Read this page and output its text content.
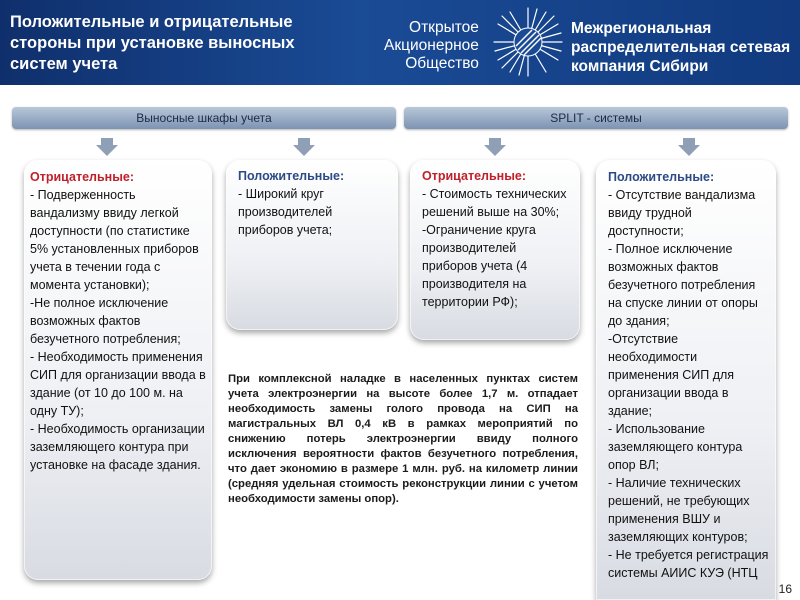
Положительные и отрицательные стороны при установке выносных систем учета
Открытое
Акционерное
Общество
Межрегиональная
распределительная сетевая
компания Сибири
Выносные шкафы учета	SPLIT - системы
Отрицательные:
- Подверженность вандализму ввиду легкой доступности (по статистике 5% установленных приборов учета в течении года с момента установки);
-Не полное исключение возможных фактов безучетного потребления;
- Необходимость применения СИП для организации ввода в здание (от 10 до 100 м. на одну ТУ);
- Необходимость организации заземляющего контура при установке на фасаде здания.
Положительные:
- Широкий круг производителей приборов учета;
Отрицательные:
- Стоимость технических решений выше на 30%;
-Ограничение круга производителей приборов учета (4 производителя на территории РФ);
Положительные:
- Отсутствие вандализма ввиду трудной доступности;
- Полное исключение возможных фактов безучетного потребления на спуске линии от опоры до здания;
-Отсутствие необходимости применения СИП для организации ввода в здание;
- Использование заземляющего контура опор ВЛ;
- Наличие технических решений, не требующих применения ВШУ и заземляющих контуров;
- Не требуется регистрация системы АИИС КУЭ (НТЦ
При комплексной наладке в населенных пунктах систем учета электроэнергии на высоте более 1,7 м. отпадает необходимость замены голого провода на СИП на магистральных ВЛ 0,4 кВ в рамках мероприятий по снижению потерь электроэнергии ввиду полного исключения вероятности фактов безучетного потребления, что дает экономию в размере 1 млн. руб. на километр линии (средняя удельная стоимость реконструкции линии с учетом необходимости замены опор).
16
